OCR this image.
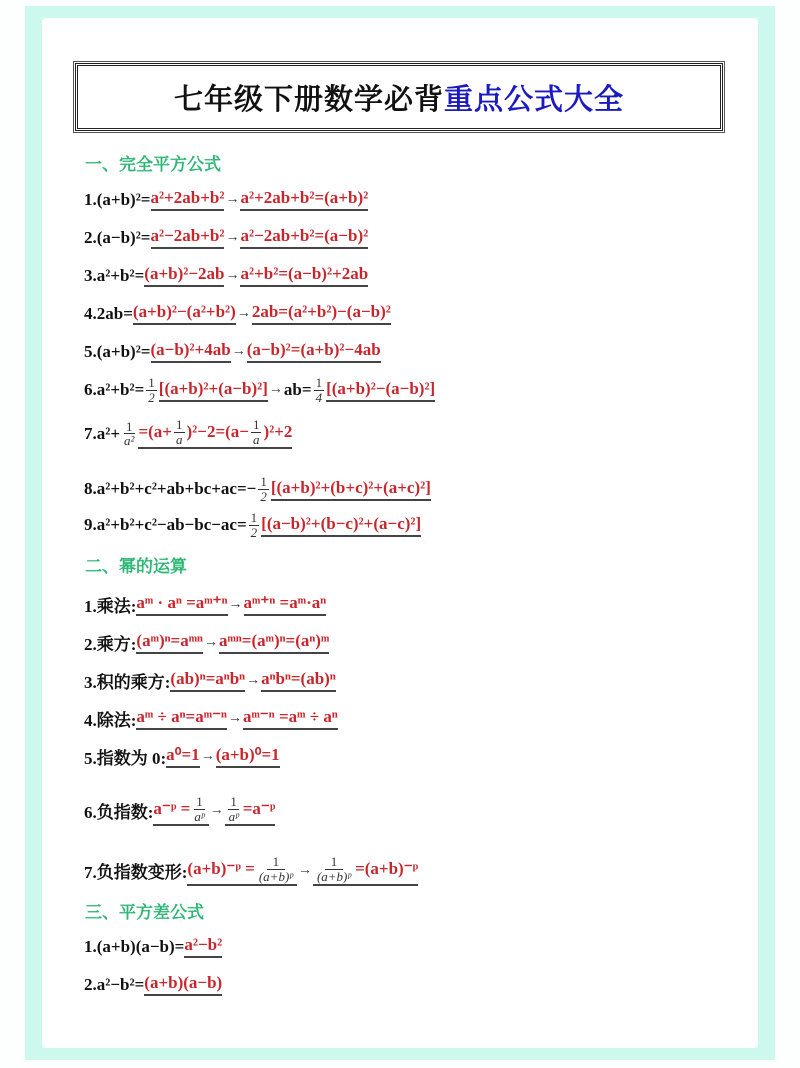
七年级下册数学必背 重点公式大全
一、完全平方公式
1.(a+b)²= a²+2ab+b² → a²+2ab+b²=(a+b)²
2.(a−b)²= a²−2ab+b² → a²−2ab+b²=(a−b)²
3.a²+b²= (a+b)²−2ab → a²+b²=(a−b)²+2ab
4.2ab= (a+b)²−(a²+b²) → 2ab=(a²+b²)−(a−b)²
5.(a+b)²= (a−b)²+4ab → (a−b)²=(a+b)²−4ab
$6.a^2+b^2= \frac{1}{2} [(a+b)^2+(a-b)^2] \to ab= \frac{1}{4} [(a+b)^2-(a-b)^2]$
$7.a^2+ \frac{1}{\text{a²}} =(a+ \frac{1}{a} )^2-2=(a- \frac{1}{a} )^2+2$
$8.a^2+b^2+c^2+ab+bc+ac= - \frac{1}{2} [(a+b)^2+(b+c)^2+(a+c)^2]$
$9.a^2+b^2+c^2-ab-bc-ac= \frac{1}{2} [(a-b)^2+(b-c)^2+(a-c)^2]$
二、幂的运算
1.乘法: aᵐ · aⁿ =aᵐ⁺ⁿ → aᵐ⁺ⁿ =aᵐ·aⁿ
2.乘方: (aᵐ)ⁿ=aᵐⁿ → aᵐⁿ=(aᵐ)ⁿ=(aⁿ)ᵐ
3.积的乘方: (ab)ⁿ=aⁿbⁿ → aⁿbⁿ=(ab)ⁿ
4.除法: aᵐ ÷ aⁿ=aᵐ⁻ⁿ → aᵐ⁻ⁿ =aᵐ ÷ aⁿ
5.指数为 0: a⁰=1 → (a+b)⁰=1
6.负指数: a⁻ᵖ = $\frac{1}{\text{aᵖ}} \to \frac{1}{\text{aᵖ}}$ =a⁻ᵖ
7.负指数变形: (a+b)⁻ᵖ = $\frac{1}{\text{(a+b)ᵖ}} \to \frac{1}{\text{(a+b)ᵖ}}$ =(a+b)⁻ᵖ
三、平方差公式
1.(a+b)(a−b)= a²−b²
2.a²−b²= (a+b)(a−b)
